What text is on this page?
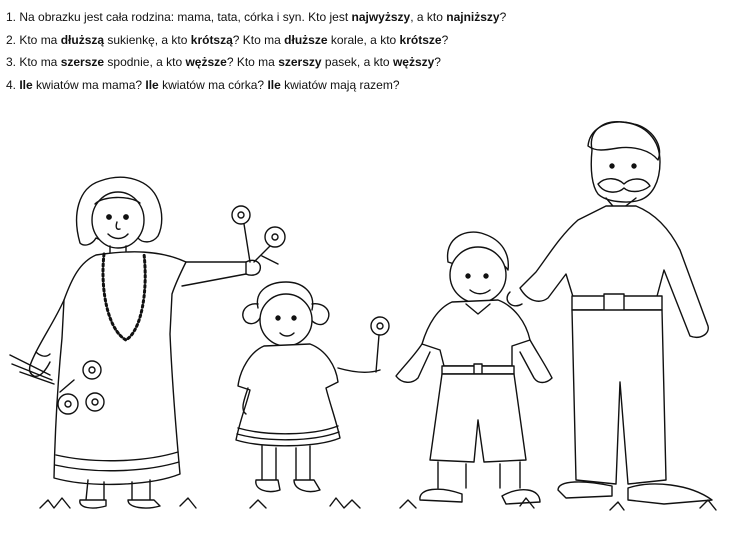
1. Na obrazku jest cała rodzina: mama, tata, córka i syn. Kto jest najwyższy, a kto najniższy?
2. Kto ma dłuższą sukienkę, a kto krótszą? Kto ma dłuższe korale, a kto krótsze?
3. Kto ma szersze spodnie, a kto węższe? Kto ma szerszy pasek, a kto węższy?
4. Ile kwiatów ma mama? Ile kwiatów ma córka? Ile kwiatów mają razem?
